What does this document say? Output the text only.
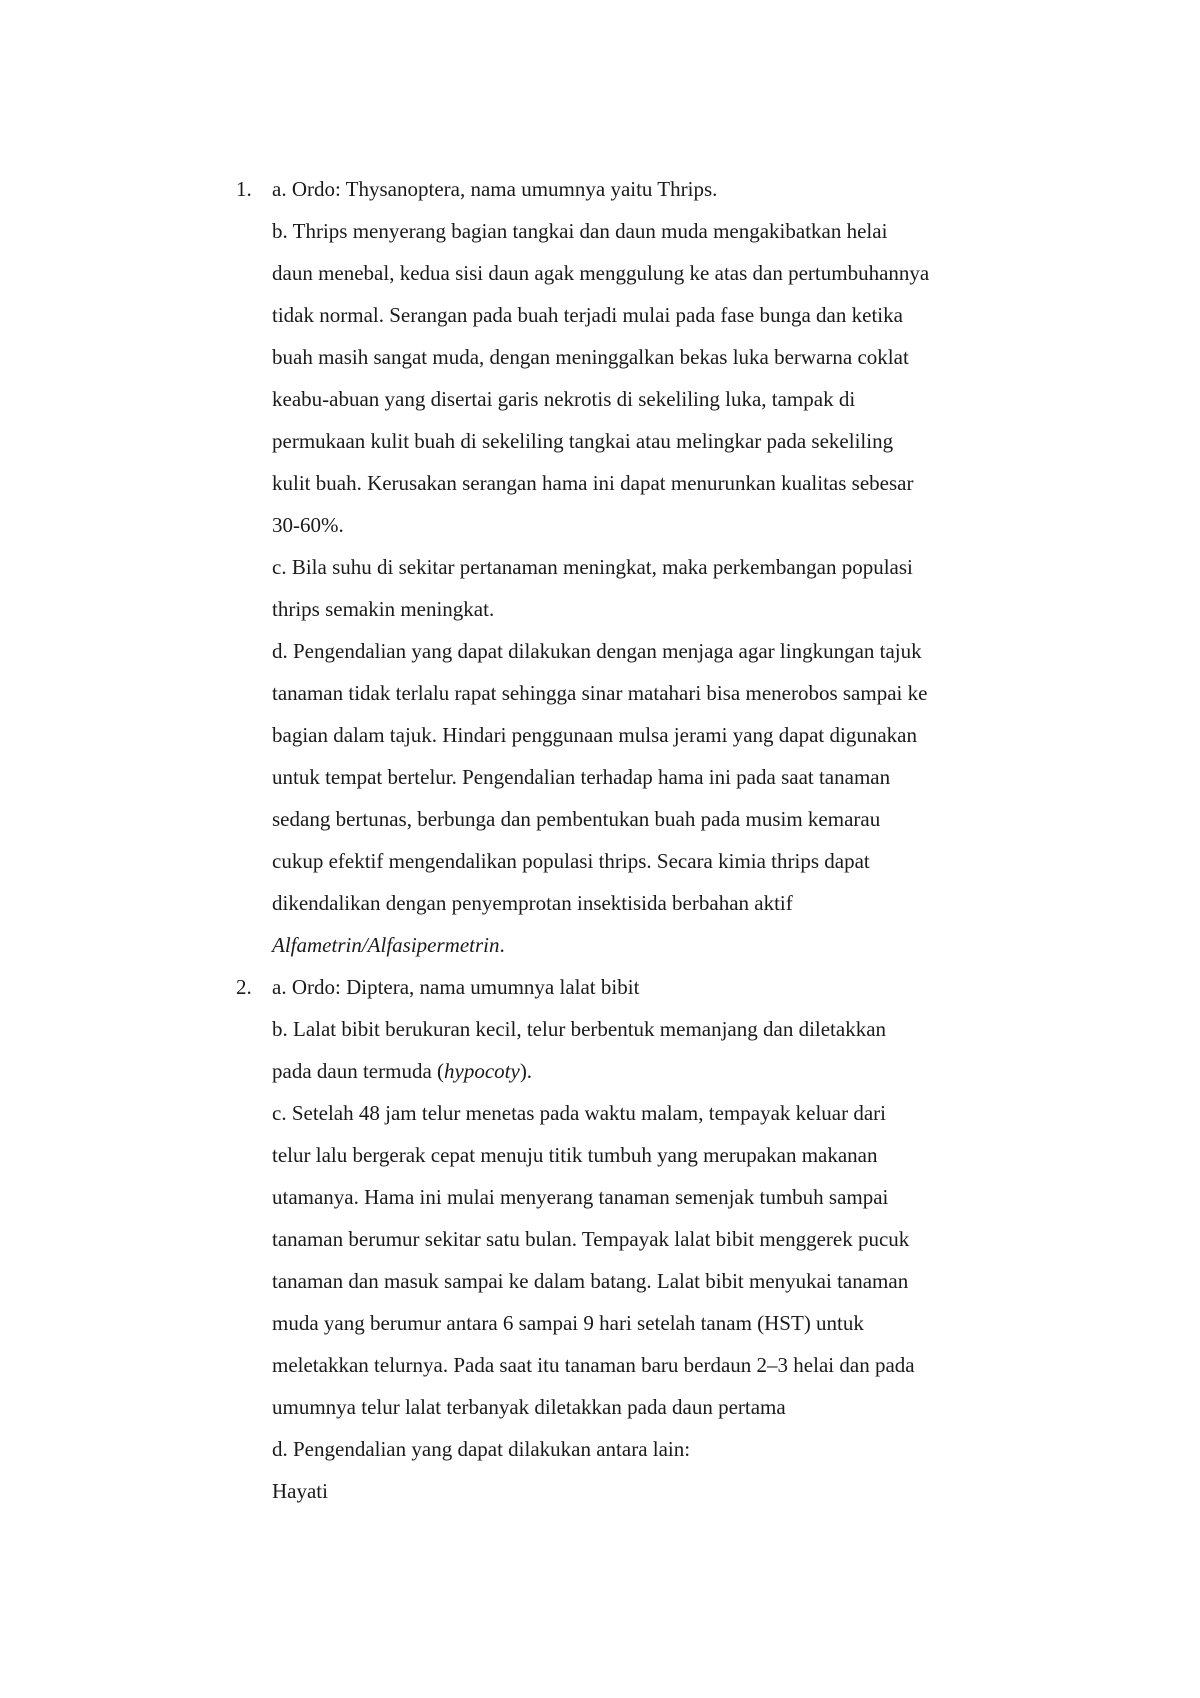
1. a. Ordo: Thysanoptera, nama umumnya yaitu Thrips.

b. Thrips menyerang bagian tangkai dan daun muda mengakibatkan helai
daun menebal, kedua sisi daun agak menggulung ke atas dan pertumbuhannya
tidak normal. Serangan pada buah terjadi mulai pada fase bunga dan ketika
buah masih sangat muda, dengan meninggalkan bekas luka berwarna coklat
keabu-abuan yang disertai garis nekrotis di sekeliling luka, tampak di
permukaan kulit buah di sekeliling tangkai atau melingkar pada sekeliling
kulit buah. Kerusakan serangan hama ini dapat menurunkan kualitas sebesar
30-60%.

c. Bila suhu di sekitar pertanaman meningkat, maka perkembangan populasi
thrips semakin meningkat.

d. Pengendalian yang dapat dilakukan dengan menjaga agar lingkungan tajuk
tanaman tidak terlalu rapat sehingga sinar matahari bisa menerobos sampai ke
bagian dalam tajuk. Hindari penggunaan mulsa jerami yang dapat digunakan
untuk tempat bertelur. Pengendalian terhadap hama ini pada saat tanaman
sedang bertunas, berbunga dan pembentukan buah pada musim kemarau
cukup efektif mengendalikan populasi thrips. Secara kimia thrips dapat
dikendalikan dengan penyemprotan insektisida berbahan aktif
Alfametrin/Alfasipermetrin.

2. a. Ordo: Diptera, nama umumnya lalat bibit

b. Lalat bibit berukuran kecil, telur berbentuk memanjang dan diletakkan
pada daun termuda (hypocoty).

c. Setelah 48 jam telur menetas pada waktu malam, tempayak keluar dari
telur lalu bergerak cepat menuju titik tumbuh yang merupakan makanan
utamanya. Hama ini mulai menyerang tanaman semenjak tumbuh sampai
tanaman berumur sekitar satu bulan. Tempayak lalat bibit menggerek pucuk
tanaman dan masuk sampai ke dalam batang. Lalat bibit menyukai tanaman
muda yang berumur antara 6 sampai 9 hari setelah tanam (HST) untuk
meletakkan telurnya. Pada saat itu tanaman baru berdaun 2–3 helai dan pada
umumnya telur lalat terbanyak diletakkan pada daun pertama

d. Pengendalian yang dapat dilakukan antara lain:

Hayati
